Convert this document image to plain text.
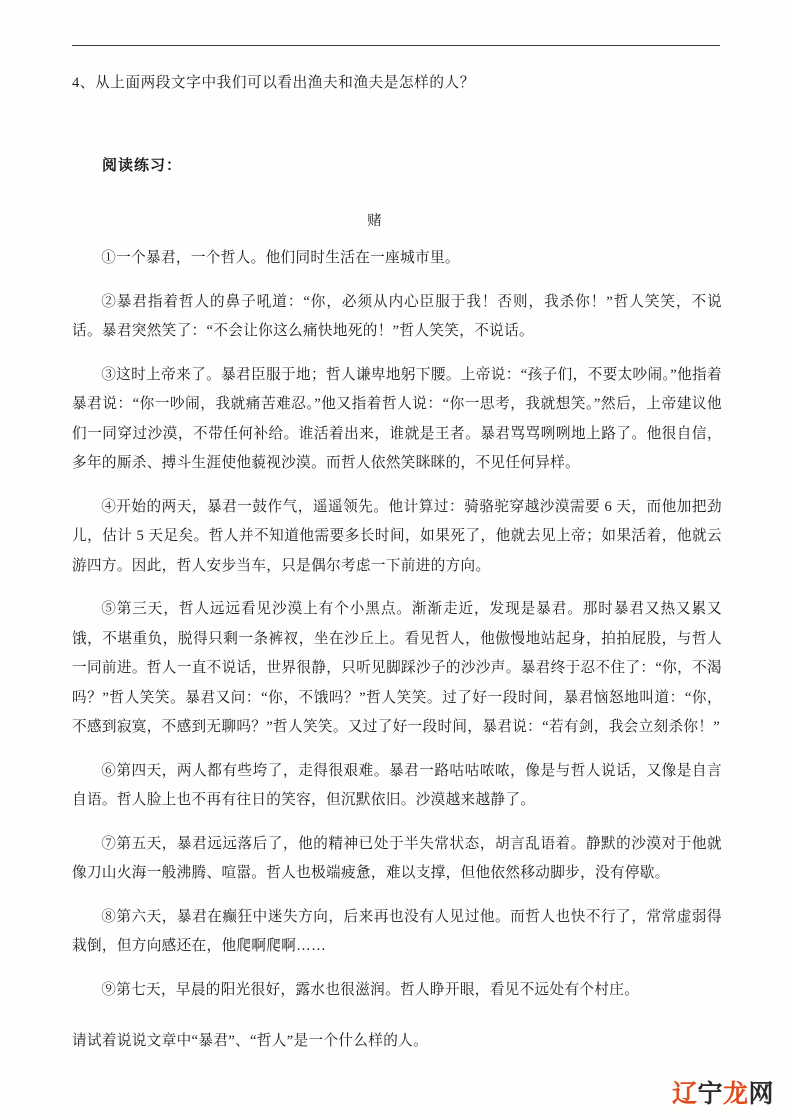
4、从上面两段文字中我们可以看出渔夫和渔夫是怎样的人？

阅读练习：

赌

①一个暴君，一个哲人。他们同时生活在一座城市里。

②暴君指着哲人的鼻子吼道：“你，必须从内心臣服于我！否则，我杀你！”哲人笑笑，不说话。暴君突然笑了：“不会让你这么痛快地死的！”哲人笑笑，不说话。

③这时上帝来了。暴君臣服于地；哲人谦卑地躬下腰。上帝说：“孩子们，不要太吵闹。”他指着暴君说：“你一吵闹，我就痛苦难忍。”他又指着哲人说：“你一思考，我就想笑。”然后，上帝建议他们一同穿过沙漠，不带任何补给。谁活着出来，谁就是王者。暴君骂骂咧咧地上路了。他很自信，多年的厮杀、搏斗生涯使他藐视沙漠。而哲人依然笑眯眯的，不见任何异样。

④开始的两天，暴君一鼓作气，遥遥领先。他计算过：骑骆驼穿越沙漠需要 6 天，而他加把劲儿，估计 5 天足矣。哲人并不知道他需要多长时间，如果死了，他就去见上帝；如果活着，他就云游四方。因此，哲人安步当车，只是偶尔考虑一下前进的方向。

⑤第三天，哲人远远看见沙漠上有个小黑点。渐渐走近，发现是暴君。那时暴君又热又累又饿，不堪重负，脱得只剩一条裤衩，坐在沙丘上。看见哲人，他傲慢地站起身，拍拍屁股，与哲人一同前进。哲人一直不说话，世界很静，只听见脚踩沙子的沙沙声。暴君终于忍不住了：“你，不渴吗？”哲人笑笑。暴君又问：“你，不饿吗？”哲人笑笑。过了好一段时间，暴君恼怒地叫道：“你，不感到寂寞，不感到无聊吗？”哲人笑笑。又过了好一段时间，暴君说：“若有剑，我会立刻杀你！”

⑥第四天，两人都有些垮了，走得很艰难。暴君一路咕咕哝哝，像是与哲人说话，又像是自言自语。哲人脸上也不再有往日的笑容，但沉默依旧。沙漠越来越静了。

⑦第五天，暴君远远落后了，他的精神已处于半失常状态，胡言乱语着。静默的沙漠对于他就像刀山火海一般沸腾、喧嚣。哲人也极端疲惫，难以支撑，但他依然移动脚步，没有停歇。

⑧第六天，暴君在癫狂中迷失方向，后来再也没有人见过他。而哲人也快不行了，常常虚弱得栽倒，但方向感还在，他爬啊爬啊……

⑨第七天，早晨的阳光很好，露水也很滋润。哲人睁开眼，看见不远处有个村庄。

请试着说说文章中“暴君”、“哲人”是一个什么样的人。

辽宁龙网
